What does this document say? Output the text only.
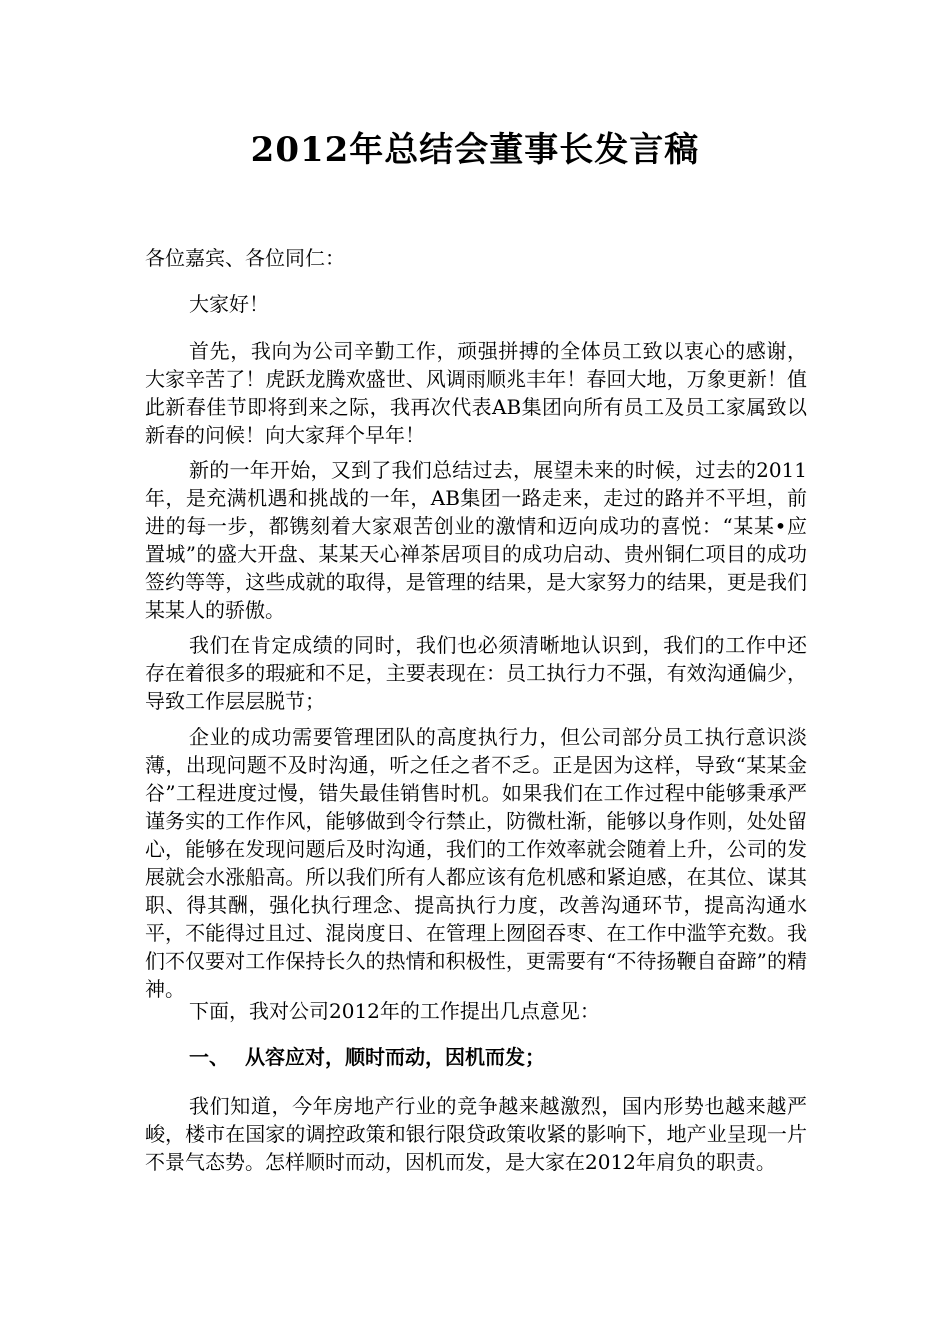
2012年总结会董事长发言稿

各位嘉宾、各位同仁：

大家好！

首先，我向为公司辛勤工作，顽强拼搏的全体员工致以衷心的感谢，大家辛苦了！虎跃龙腾欢盛世、风调雨顺兆丰年！春回大地，万象更新！值此新春佳节即将到来之际，我再次代表AB集团向所有员工及员工家属致以新春的问候！向大家拜个早年！

新的一年开始，又到了我们总结过去，展望未来的时候，过去的2011年，是充满机遇和挑战的一年，AB集团一路走来，走过的路并不平坦，前进的每一步，都镌刻着大家艰苦创业的激情和迈向成功的喜悦：“某某•应置城”的盛大开盘、某某天心禅茶居项目的成功启动、贵州铜仁项目的成功签约等等，这些成就的取得，是管理的结果，是大家努力的结果，更是我们某某人的骄傲。

我们在肯定成绩的同时，我们也必须清晰地认识到，我们的工作中还存在着很多的瑕疵和不足，主要表现在：员工执行力不强，有效沟通偏少，导致工作层层脱节；

企业的成功需要管理团队的高度执行力，但公司部分员工执行意识淡薄，出现问题不及时沟通，听之任之者不乏。正是因为这样，导致“某某金谷”工程进度过慢，错失最佳销售时机。如果我们在工作过程中能够秉承严谨务实的工作作风，能够做到令行禁止，防微杜渐，能够以身作则，处处留心，能够在发现问题后及时沟通，我们的工作效率就会随着上升，公司的发展就会水涨船高。所以我们所有人都应该有危机感和紧迫感，在其位、谋其职、得其酬，强化执行理念、提高执行力度，改善沟通环节，提高沟通水平，不能得过且过、混岗度日、在管理上囫囵吞枣、在工作中滥竽充数。我们不仅要对工作保持长久的热情和积极性，更需要有“不待扬鞭自奋蹄”的精神。

下面，我对公司2012年的工作提出几点意见：

一、 从容应对，顺时而动，因机而发；

我们知道，今年房地产行业的竞争越来越激烈，国内形势也越来越严峻，楼市在国家的调控政策和银行限贷政策收紧的影响下，地产业呈现一片不景气态势。怎样顺时而动，因机而发，是大家在2012年肩负的职责。
